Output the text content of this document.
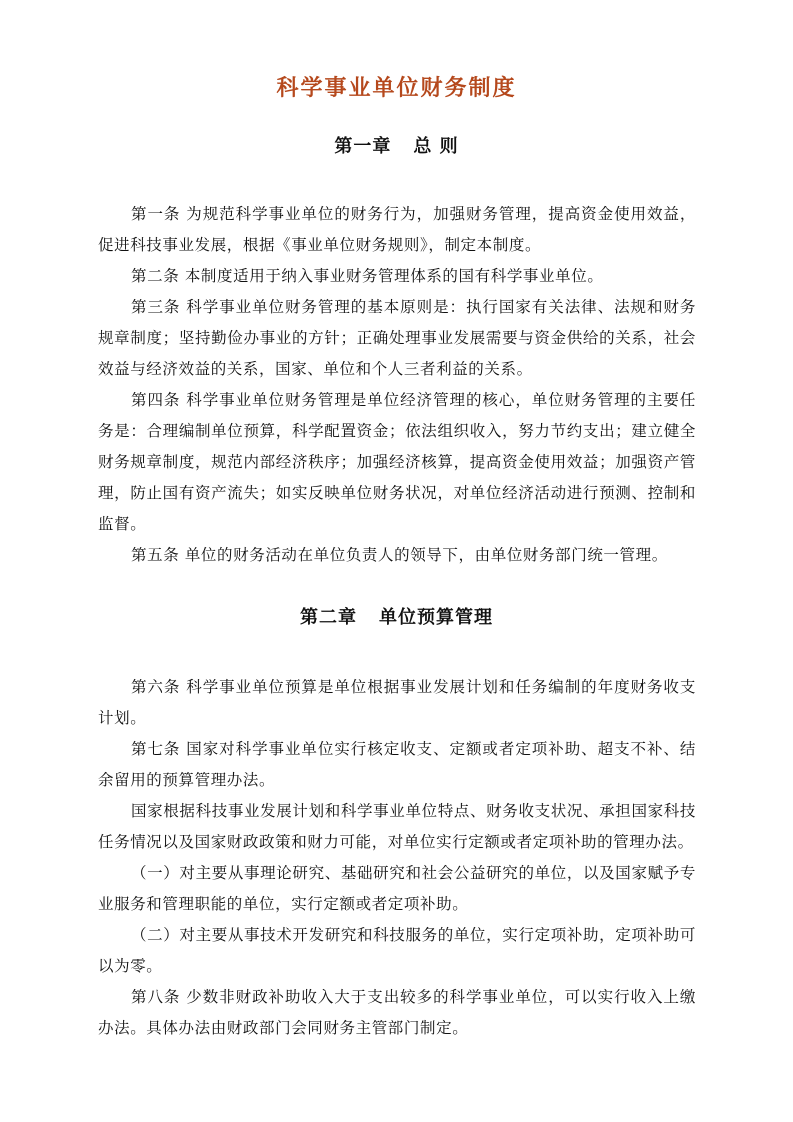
科学事业单位财务制度
第一章 总 则
第一条 为规范科学事业单位的财务行为，加强财务管理，提高资金使用效益，促进科技事业发展，根据《事业单位财务规则》，制定本制度。
第二条 本制度适用于纳入事业财务管理体系的国有科学事业单位。
第三条 科学事业单位财务管理的基本原则是：执行国家有关法律、法规和财务规章制度；坚持勤俭办事业的方针；正确处理事业发展需要与资金供给的关系，社会效益与经济效益的关系，国家、单位和个人三者利益的关系。
第四条 科学事业单位财务管理是单位经济管理的核心，单位财务管理的主要任务是：合理编制单位预算，科学配置资金；依法组织收入，努力节约支出；建立健全财务规章制度，规范内部经济秩序；加强经济核算，提高资金使用效益；加强资产管理，防止国有资产流失；如实反映单位财务状况，对单位经济活动进行预测、控制和监督。
第五条 单位的财务活动在单位负责人的领导下，由单位财务部门统一管理。
第二章 单位预算管理
第六条 科学事业单位预算是单位根据事业发展计划和任务编制的年度财务收支计划。
第七条 国家对科学事业单位实行核定收支、定额或者定项补助、超支不补、结余留用的预算管理办法。
国家根据科技事业发展计划和科学事业单位特点、财务收支状况、承担国家科技任务情况以及国家财政政策和财力可能，对单位实行定额或者定项补助的管理办法。
（一）对主要从事理论研究、基础研究和社会公益研究的单位，以及国家赋予专业服务和管理职能的单位，实行定额或者定项补助。
（二）对主要从事技术开发研究和科技服务的单位，实行定项补助，定项补助可以为零。
第八条 少数非财政补助收入大于支出较多的科学事业单位，可以实行收入上缴办法。具体办法由财政部门会同财务主管部门制定。
